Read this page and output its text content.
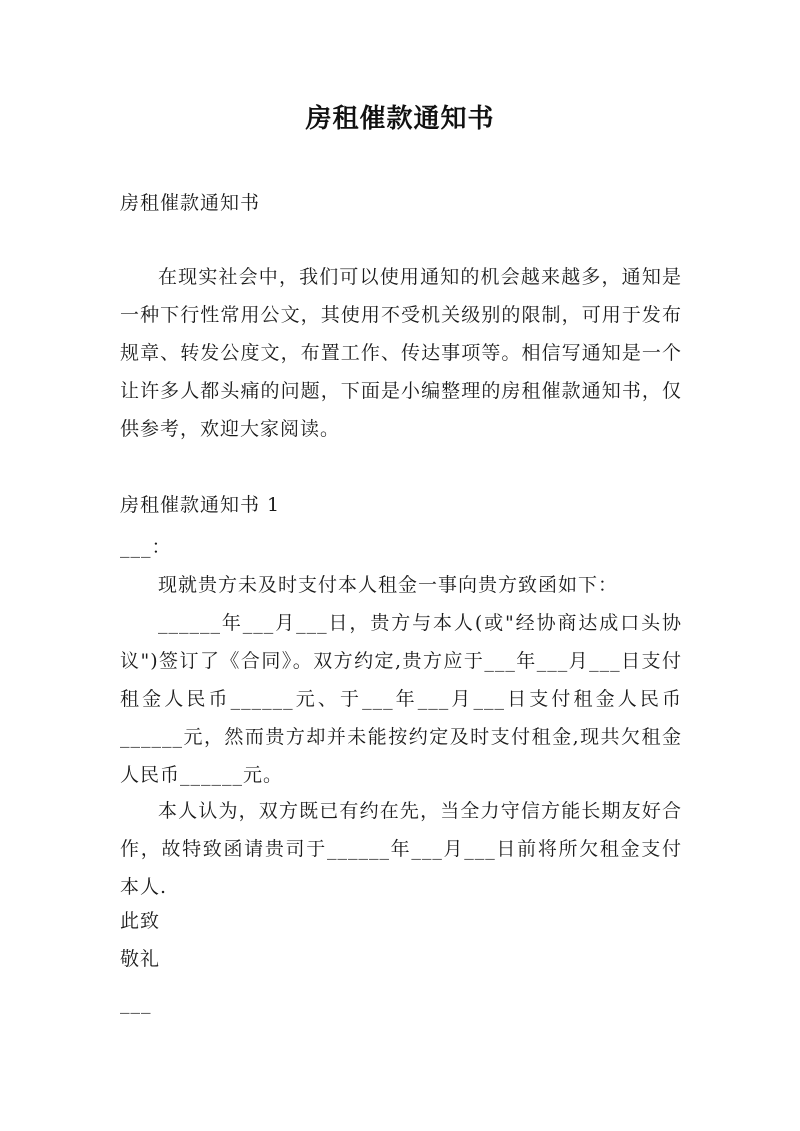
房租催款通知书
房租催款通知书
在现实社会中，我们可以使用通知的机会越来越多，通知是一种下行性常用公文，其使用不受机关级别的限制，可用于发布规章、转发公度文，布置工作、传达事项等。相信写通知是一个让许多人都头痛的问题，下面是小编整理的房租催款通知书，仅供参考，欢迎大家阅读。
房租催款通知书 1
___：
现就贵方未及时支付本人租金一事向贵方致函如下：
______年___月___日，贵方与本人(或"经协商达成口头协议")签订了《合同》。双方约定,贵方应于___年___月___日支付租金人民币______元、于___年___月___日支付租金人民币______元，然而贵方却并未能按约定及时支付租金,现共欠租金人民币______元。
本人认为，双方既已有约在先，当全力守信方能长期友好合作，故特致函请贵司于______年___月___日前将所欠租金支付本人.
此致
敬礼
___
